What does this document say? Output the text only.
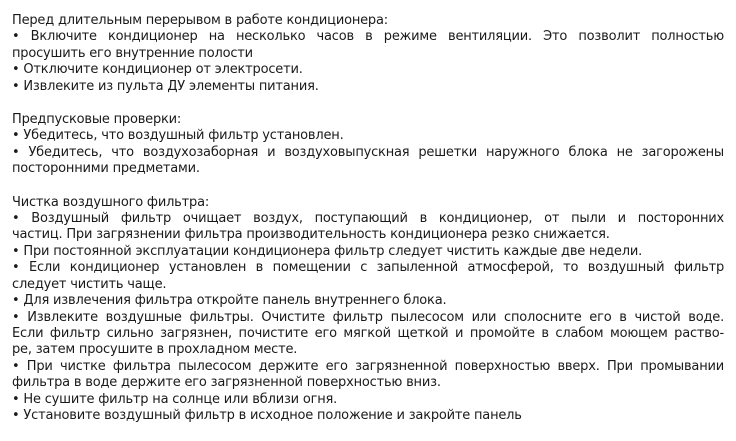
Перед длительным перерывом в работе кондиционера:
• Включите кондиционер на несколько часов в режиме вентиляции. Это позволит полностью
просушить его внутренние полости
• Отключите кондиционер от электросети.
• Извлеките из пульта ДУ элементы питания.
Предпусковые проверки:
• Убедитесь, что воздушный фильтр установлен.
• Убедитесь, что воздухозаборная и воздуховыпускная решетки наружного блока не загорожены
посторонними предметами.
Чистка воздушного фильтра:
• Воздушный фильтр очищает воздух, поступающий в кондиционер, от пыли и посторонних
частиц. При загрязнении фильтра производительность кондиционера резко снижается.
• При постоянной эксплуатации кондиционера фильтр следует чистить каждые две недели.
• Если кондиционер установлен в помещении с запыленной атмосферой, то воздушный фильтр
следует чистить чаще.
• Для извлечения фильтра откройте панель внутреннего блока.
• Извлеките воздушные фильтры. Очистите фильтр пылесосом или сполосните его в чистой воде.
Если фильтр сильно загрязнен, почистите его мягкой щеткой и промойте в слабом моющем раство-
ре, затем просушите в прохладном месте.
• При чистке фильтра пылесосом держите его загрязненной поверхностью вверх. При промывании
фильтра в воде держите его загрязненной поверхностью вниз.
• Не сушите фильтр на солнце или вблизи огня.
• Установите воздушный фильтр в исходное положение и закройте панель
